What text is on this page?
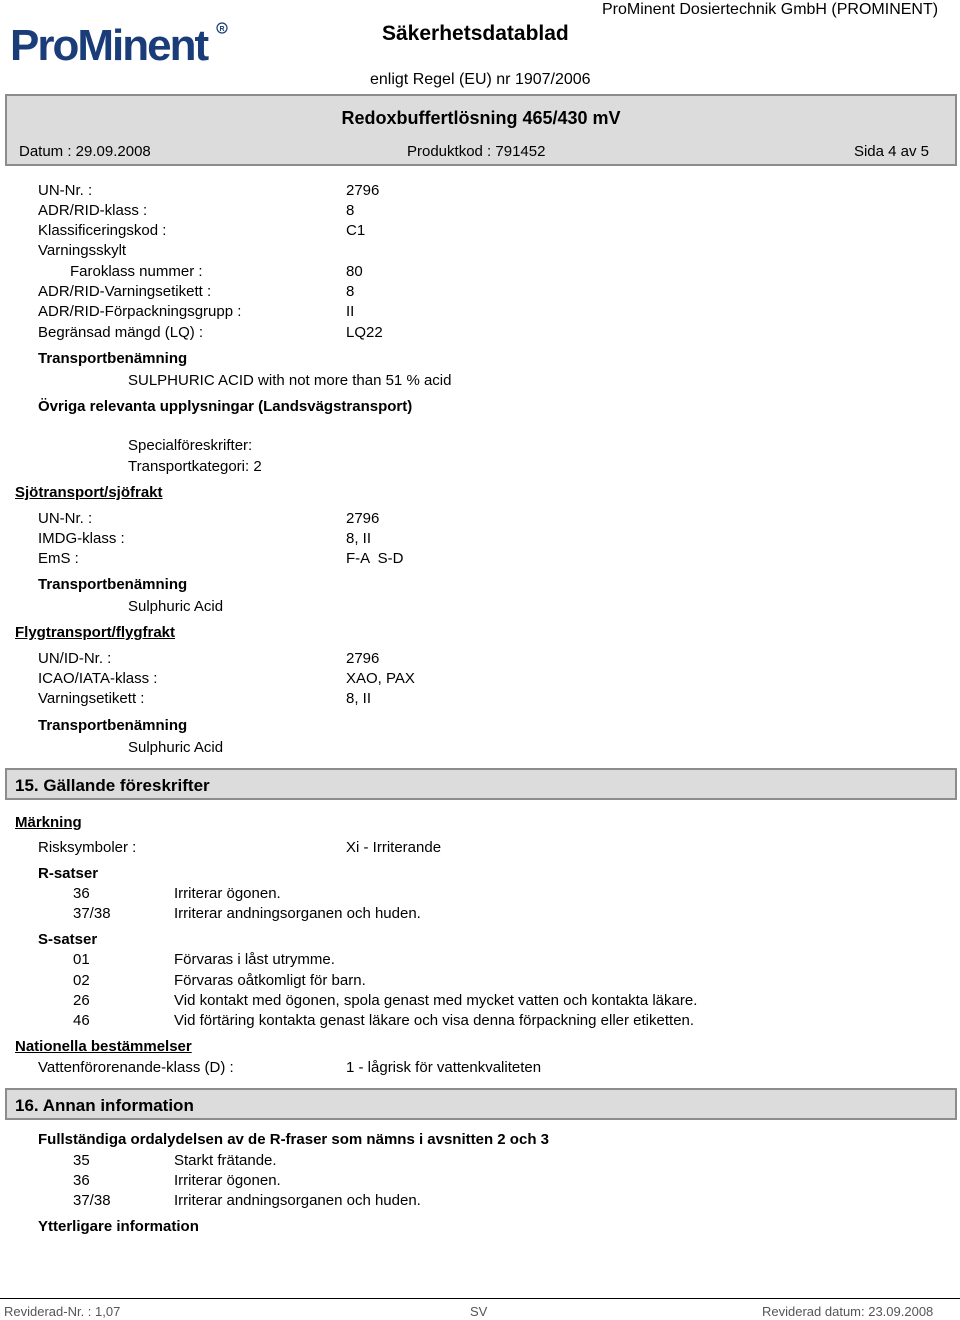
ProMinent	R	Säkerhetsdatablad
ProMinent Dosiertechnik GmbH (PROMINENT)
enligt Regel (EU) nr 1907/2006
Redoxbuffertlösning 465/430 mV
Datum : 29.09.2008	Produktkod : 791452	Sida 4 av 5
UN-Nr. :	2796
ADR/RID-klass :	8
Klassificeringskod :	C1
Varningsskylt
Faroklass nummer :	80
ADR/RID-Varningsetikett :	8
ADR/RID-Förpackningsgrupp :	II
Begränsad mängd (LQ) :	LQ22
Transportbenämning
SULPHURIC ACID with not more than 51 % acid
Övriga relevanta upplysningar (Landsvägstransport)
Specialföreskrifter:
Transportkategori: 2
Sjötransport/sjöfrakt
UN-Nr. :	2796
IMDG-klass :	8, II
EmS :	F-A  S-D
Transportbenämning
Sulphuric Acid
Flygtransport/flygfrakt
UN/ID-Nr. :	2796
ICAO/IATA-klass :	XAO, PAX
Varningsetikett :	8, II
Transportbenämning
Sulphuric Acid
15. Gällande föreskrifter
Märkning
Risksymboler :	Xi - Irriterande
R-satser
36	Irriterar ögonen.
37/38	Irriterar andningsorganen och huden.
S-satser
01	Förvaras i låst utrymme.
02	Förvaras oåtkomligt för barn.
26	Vid kontakt med ögonen, spola genast med mycket vatten och kontakta läkare.
46	Vid förtäring kontakta genast läkare och visa denna förpackning eller etiketten.
Nationella bestämmelser
Vattenförorenande-klass (D) :	1 - lågrisk för vattenkvaliteten
16. Annan information
Fullständiga ordalydelsen av de R-fraser som nämns i avsnitten 2 och 3
35	Starkt frätande.
36	Irriterar ögonen.
37/38	Irriterar andningsorganen och huden.
Ytterligare information
Reviderad-Nr. : 1,07	SV	Reviderad datum: 23.09.2008
